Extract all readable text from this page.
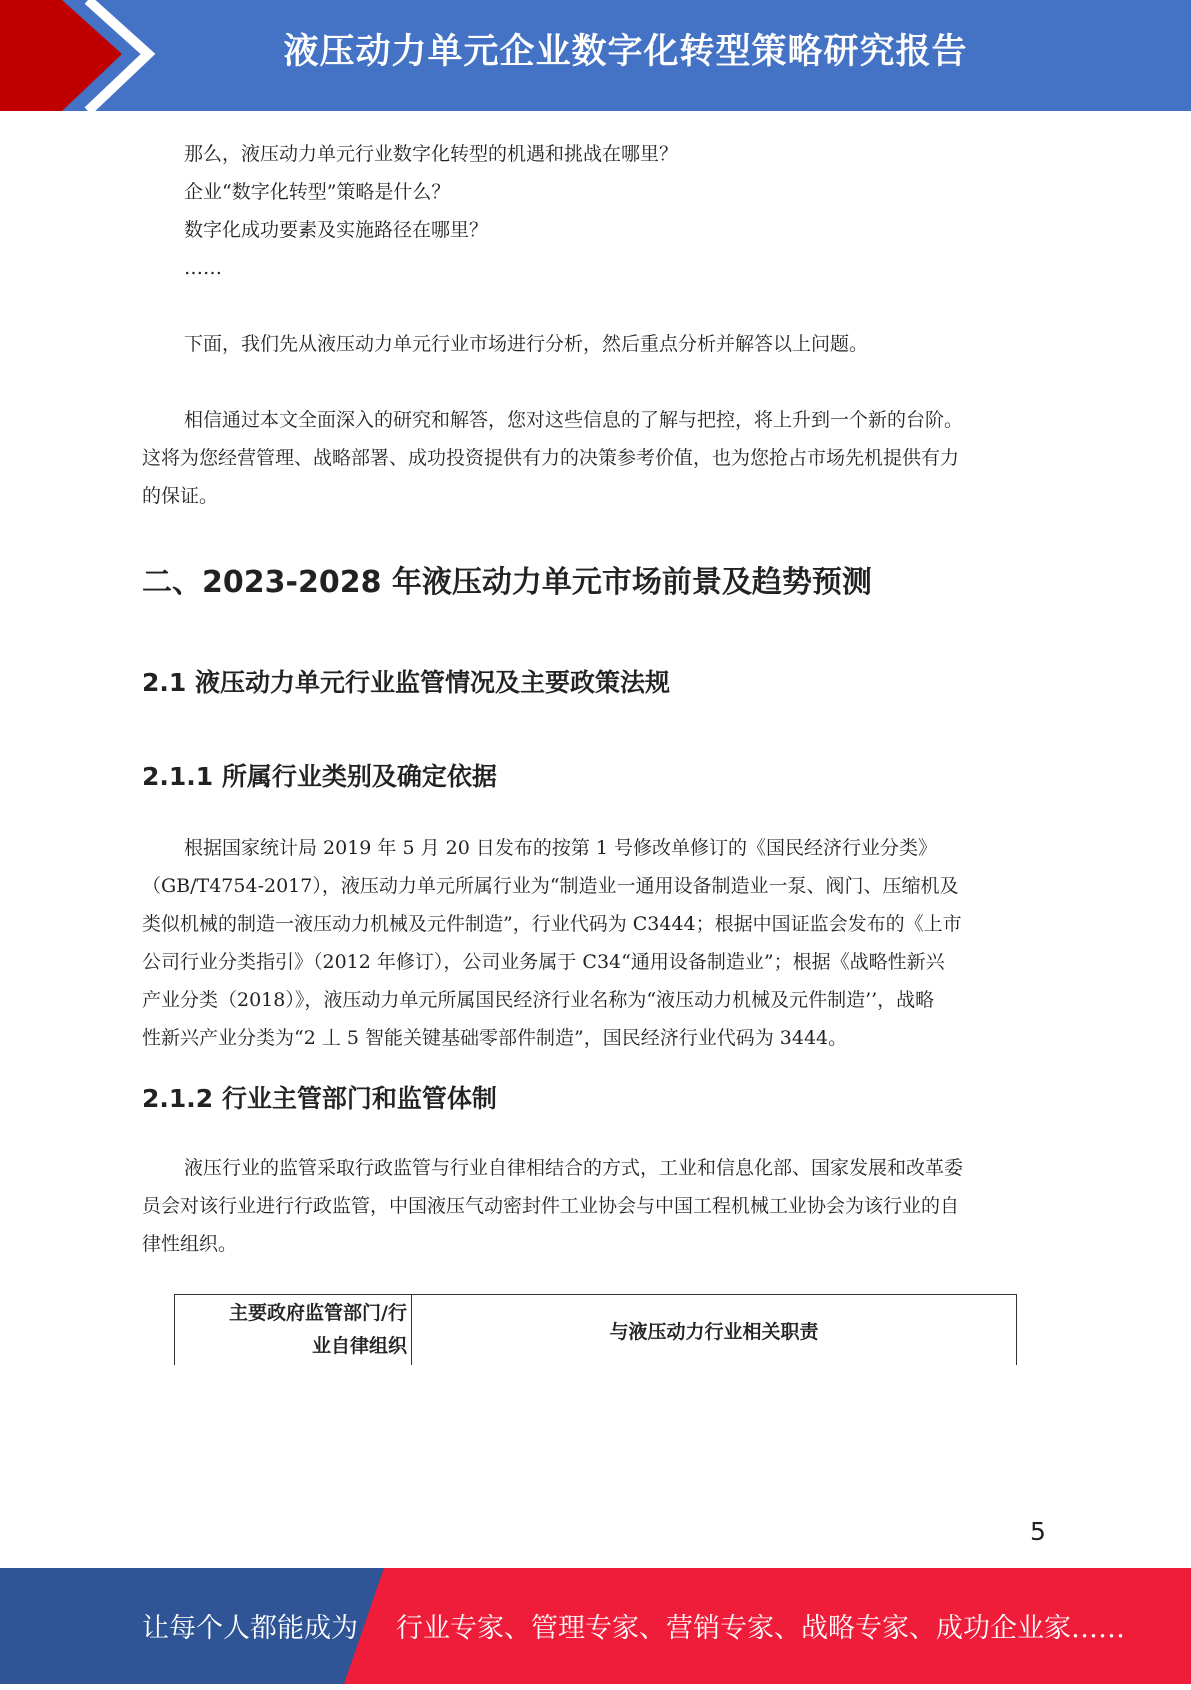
液压动力单元企业数字化转型策略研究报告

那么，液压动力单元行业数字化转型的机遇和挑战在哪里？

企业“数字化转型”策略是什么？

数字化成功要素及实施路径在哪里？

……

下面，我们先从液压动力单元行业市场进行分析，然后重点分析并解答以上问题。

相信通过本文全面深入的研究和解答，您对这些信息的了解与把控，将上升到一个新的台阶。

这将为您经营管理、战略部署、成功投资提供有力的决策参考价值，也为您抢占市场先机提供有力

的保证。

二、2023-2028 年液压动力单元市场前景及趋势预测
2.1 液压动力单元行业监管情况及主要政策法规
2.1.1 所属行业类别及确定依据

根据国家统计局 2019 年 5 月 20 日发布的按第 1 号修改单修订的《国民经济行业分类》

（GB/T4754-2017），液压动力单元所属行业为“制造业一通用设备制造业一泵、阀门、压缩机及

类似机械的制造一液压动力机械及元件制造”，行业代码为 C3444；根据中国证监会发布的《上市

公司行业分类指引》（2012 年修订），公司业务属于 C34“通用设备制造业”；根据《战略性新兴

产业分类（2018）》，液压动力单元所属国民经济行业名称为“液压动力机械及元件制造’’，战略

性新兴产业分类为“2 丄 5 智能关键基础零部件制造”，国民经济行业代码为 3444。

2.1.2 行业主管部门和监管体制

液压行业的监管采取行政监管与行业自律相结合的方式，工业和信息化部、国家发展和改革委

员会对该行业进行行政监管，中国液压气动密封件工业协会与中国工程机械工业协会为该行业的自

律性组织。

主要政府监管部门/行
业自律组织	与液压动力行业相关职责
5
让每个人都能成为 行业专家、管理专家、营销专家、战略专家、成功企业家……
